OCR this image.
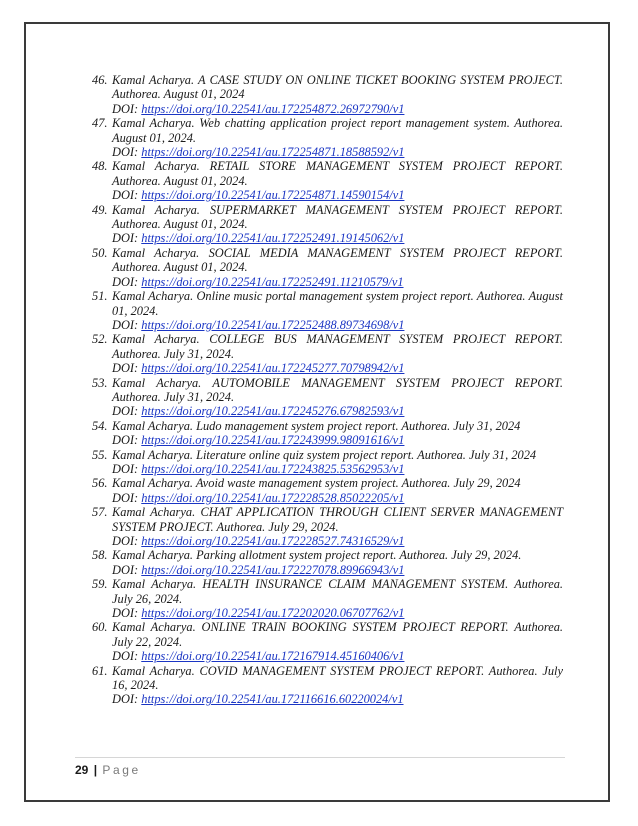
46. Kamal Acharya. A CASE STUDY ON ONLINE TICKET BOOKING SYSTEM PROJECT. Authorea. August 01, 2024
DOI: https://doi.org/10.22541/au.172254872.26972790/v1
47. Kamal Acharya. Web chatting application project report management system. Authorea. August 01, 2024.
DOI: https://doi.org/10.22541/au.172254871.18588592/v1
48. Kamal Acharya. RETAIL STORE MANAGEMENT SYSTEM PROJECT REPORT. Authorea. August 01, 2024.
DOI: https://doi.org/10.22541/au.172254871.14590154/v1
49. Kamal Acharya. SUPERMARKET MANAGEMENT SYSTEM PROJECT REPORT. Authorea. August 01, 2024.
DOI: https://doi.org/10.22541/au.172252491.19145062/v1
50. Kamal Acharya. SOCIAL MEDIA MANAGEMENT SYSTEM PROJECT REPORT. Authorea. August 01, 2024.
DOI: https://doi.org/10.22541/au.172252491.11210579/v1
51. Kamal Acharya. Online music portal management system project report. Authorea. August 01, 2024.
DOI: https://doi.org/10.22541/au.172252488.89734698/v1
52. Kamal Acharya. COLLEGE BUS MANAGEMENT SYSTEM PROJECT REPORT. Authorea. July 31, 2024.
DOI: https://doi.org/10.22541/au.172245277.70798942/v1
53. Kamal Acharya. AUTOMOBILE MANAGEMENT SYSTEM PROJECT REPORT. Authorea. July 31, 2024.
DOI: https://doi.org/10.22541/au.172245276.67982593/v1
54. Kamal Acharya. Ludo management system project report. Authorea. July 31, 2024
DOI: https://doi.org/10.22541/au.172243999.98091616/v1
55. Kamal Acharya. Literature online quiz system project report. Authorea. July 31, 2024
DOI: https://doi.org/10.22541/au.172243825.53562953/v1
56. Kamal Acharya. Avoid waste management system project. Authorea. July 29, 2024
DOI: https://doi.org/10.22541/au.172228528.85022205/v1
57. Kamal Acharya. CHAT APPLICATION THROUGH CLIENT SERVER MANAGEMENT SYSTEM PROJECT. Authorea. July 29, 2024.
DOI: https://doi.org/10.22541/au.172228527.74316529/v1
58. Kamal Acharya. Parking allotment system project report. Authorea. July 29, 2024.
DOI: https://doi.org/10.22541/au.172227078.89966943/v1
59. Kamal Acharya. HEALTH INSURANCE CLAIM MANAGEMENT SYSTEM. Authorea. July 26, 2024.
DOI: https://doi.org/10.22541/au.172202020.06707762/v1
60. Kamal Acharya. ONLINE TRAIN BOOKING SYSTEM PROJECT REPORT. Authorea. July 22, 2024.
DOI: https://doi.org/10.22541/au.172167914.45160406/v1
61. Kamal Acharya. COVID MANAGEMENT SYSTEM PROJECT REPORT. Authorea. July 16, 2024.
DOI: https://doi.org/10.22541/au.172116616.60220024/v1
29 | Page
